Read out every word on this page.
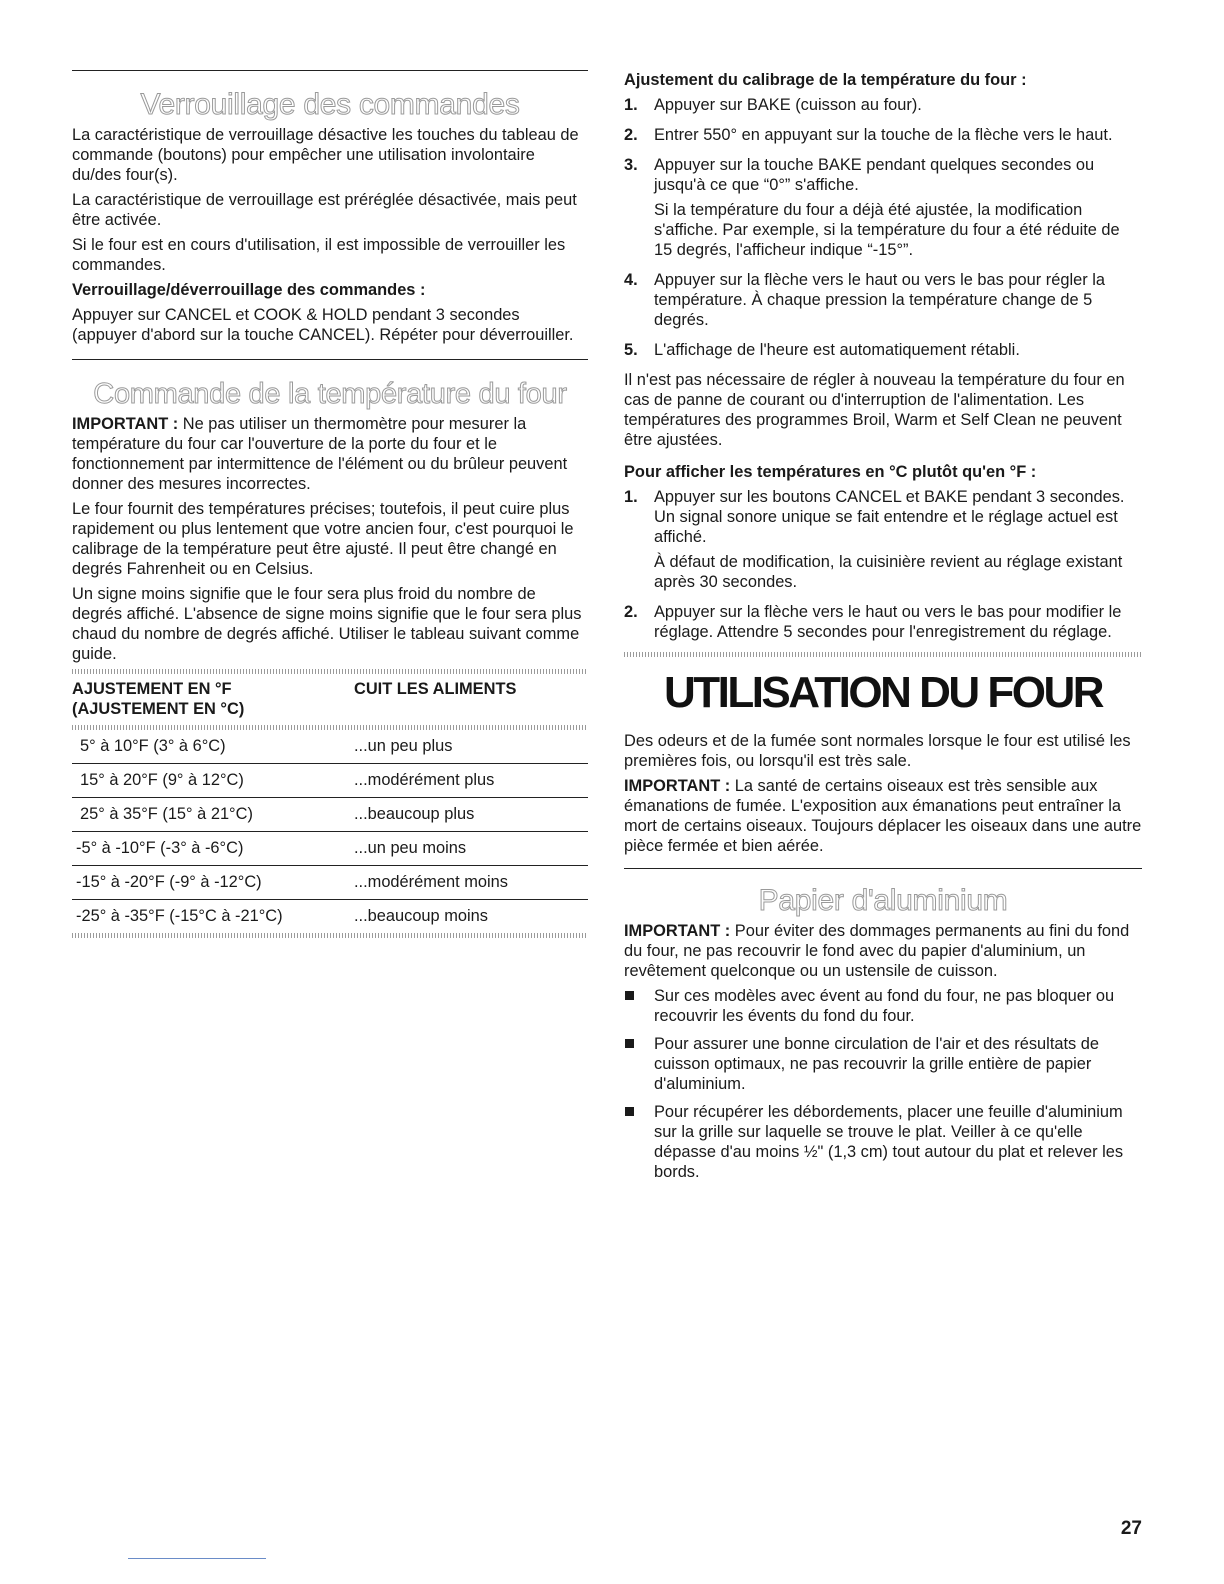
Verrouillage des commandes

La caractéristique de verrouillage désactive les touches du tableau de commande (boutons) pour empêcher une utilisation involontaire du/des four(s).

La caractéristique de verrouillage est préréglée désactivée, mais peut être activée.

Si le four est en cours d'utilisation, il est impossible de verrouiller les commandes.

Verrouillage/déverrouillage des commandes :

Appuyer sur CANCEL et COOK & HOLD pendant 3 secondes (appuyer d'abord sur la touche CANCEL). Répéter pour déverrouiller.

Commande de la température du four

IMPORTANT : Ne pas utiliser un thermomètre pour mesurer la température du four car l'ouverture de la porte du four et le fonctionnement par intermittence de l'élément ou du brûleur peuvent donner des mesures incorrectes.

Le four fournit des températures précises; toutefois, il peut cuire plus rapidement ou plus lentement que votre ancien four, c'est pourquoi le calibrage de la température peut être ajusté. Il peut être changé en degrés Fahrenheit ou en Celsius.

Un signe moins signifie que le four sera plus froid du nombre de degrés affiché. L'absence de signe moins signifie que le four sera plus chaud du nombre de degrés affiché. Utiliser le tableau suivant comme guide.

AJUSTEMENT EN °F
(AJUSTEMENT EN °C)
CUIT LES ALIMENTS
5° à 10°F (3° à 6°C)	...un peu plus
15° à 20°F (9° à 12°C)	...modérément plus
25° à 35°F (15° à 21°C)	...beaucoup plus
-5° à -10°F (-3° à -6°C)	...un peu moins
-15° à -20°F (-9° à -12°C)	...modérément moins
-25° à -35°F (-15°C à -21°C)	...beaucoup moins
Ajustement du calibrage de la température du four :
1. Appuyer sur BAKE (cuisson au four).

2. Entrer 550° en appuyant sur la touche de la flèche vers le haut.

3. Appuyer sur la touche BAKE pendant quelques secondes ou jusqu'à ce que “0°” s'affiche.

Si la température du four a déjà été ajustée, la modification s'affiche. Par exemple, si la température du four a été réduite de 15 degrés, l'afficheur indique “-15°”.

4. Appuyer sur la flèche vers le haut ou vers le bas pour régler la température. À chaque pression la température change de 5 degrés.

5. L'affichage de l'heure est automatiquement rétabli.

Il n'est pas nécessaire de régler à nouveau la température du four en cas de panne de courant ou d'interruption de l'alimentation. Les températures des programmes Broil, Warm et Self Clean ne peuvent être ajustées.

Pour afficher les températures en °C plutôt qu'en °F :
1. Appuyer sur les boutons CANCEL et BAKE pendant 3 secondes. Un signal sonore unique se fait entendre et le réglage actuel est affiché.

À défaut de modification, la cuisinière revient au réglage existant après 30 secondes.

2. Appuyer sur la flèche vers le haut ou vers le bas pour modifier le réglage. Attendre 5 secondes pour l'enregistrement du réglage.

UTILISATION DU FOUR

Des odeurs et de la fumée sont normales lorsque le four est utilisé les premières fois, ou lorsqu'il est très sale.

IMPORTANT : La santé de certains oiseaux est très sensible aux émanations de fumée. L'exposition aux émanations peut entraîner la mort de certains oiseaux. Toujours déplacer les oiseaux dans une autre pièce fermée et bien aérée.

Papier d'aluminium

IMPORTANT : Pour éviter des dommages permanents au fini du fond du four, ne pas recouvrir le fond avec du papier d'aluminium, un revêtement quelconque ou un ustensile de cuisson.

Sur ces modèles avec évent au fond du four, ne pas bloquer ou recouvrir les évents du fond du four.
Pour assurer une bonne circulation de l'air et des résultats de cuisson optimaux, ne pas recouvrir la grille entière de papier d'aluminium.
Pour récupérer les débordements, placer une feuille d'aluminium sur la grille sur laquelle se trouve le plat. Veiller à ce qu'elle dépasse d'au moins ½" (1,3 cm) tout autour du plat et relever les bords.
27
